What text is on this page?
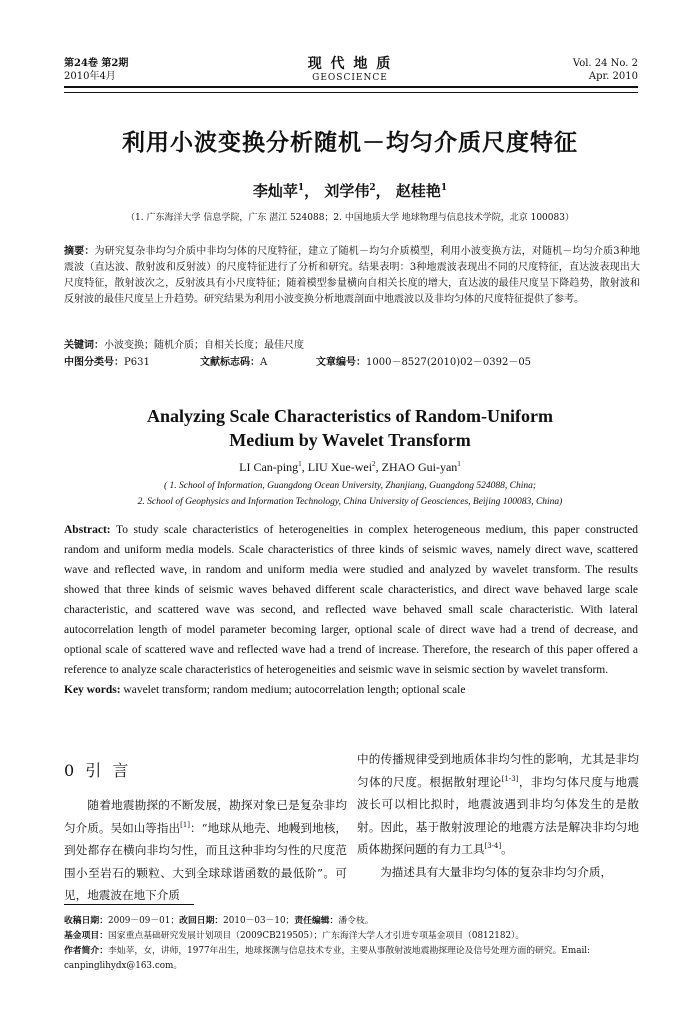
第24卷 第2期
2010年4月
现 代 地 质
GEOSCIENCE
Vol. 24 No. 2
Apr. 2010
利用小波变换分析随机－均匀介质尺度特征
李灿苹$^1$， 刘学伟$^2$， 赵桂艳$^1$
（1. 广东海洋大学 信息学院，广东 湛江 524088；2. 中国地质大学 地球物理与信息技术学院，北京 100083）
摘要：为研究复杂非均匀介质中非均匀体的尺度特征，建立了随机－均匀介质模型，利用小波变换方法，对随机－均匀介质3种地震波（直达波、散射波和反射波）的尺度特征进行了分析和研究。结果表明：3种地震波表现出不同的尺度特征，直达波表现出大尺度特征，散射波次之，反射波具有小尺度特征；随着模型参量横向自相关长度的增大，直达波的最佳尺度呈下降趋势，散射波和反射波的最佳尺度呈上升趋势。研究结果为利用小波变换分析地震剖面中地震波以及非均匀体的尺度特征提供了参考。
关键词：小波变换；随机介质；自相关长度；最佳尺度
中图分类号：P631	文献标志码：A	文章编号：1000－8527(2010)02－0392－05
Analyzing Scale Characteristics of Random-Uniform
Medium by Wavelet Transform
LI Can-ping$^1$, LIU Xue-wei$^2$, ZHAO Gui-yan$^1$
( 1. School of Information, Guangdong Ocean University, Zhanjiang, Guangdong 524088, China;
2. School of Geophysics and Information Technology, China University of Geosciences, Beijing 100083, China)
Abstract: To study scale characteristics of heterogeneities in complex heterogeneous medium, this paper constructed random and uniform media models. Scale characteristics of three kinds of seismic waves, namely direct wave, scattered wave and reflected wave, in random and uniform media were studied and analyzed by wavelet transform. The results showed that three kinds of seismic waves behaved different scale characteristics, and direct wave behaved large scale characteristic, and scattered wave was second, and reflected wave behaved small scale characteristic. With lateral autocorrelation length of model parameter becoming larger, optional scale of direct wave had a trend of decrease, and optional scale of scattered wave and reflected wave had a trend of increase. Therefore, the research of this paper offered a reference to analyze scale characteristics of heterogeneities and seismic wave in seismic section by wavelet transform.
Key words: wavelet transform; random medium; autocorrelation length; optional scale
0 引 言
随着地震勘探的不断发展，勘探对象已是复杂非均匀介质。吴如山等指出[1]：“地球从地壳、地幔到地核，到处都存在横向非均匀性，而且这种非均匀性的尺度范围小至岩石的颗粒、大到全球球谐函数的最低阶”。可见，地震波在地下介质
中的传播规律受到地质体非均匀性的影响，尤其是非均匀体的尺度。根据散射理论[1-3]，非均匀体尺度与地震波长可以相比拟时，地震波遇到非均匀体发生的是散射。因此，基于散射波理论的地震方法是解决非均匀地质体勘探问题的有力工具[3-4]。
为描述具有大量非均匀体的复杂非均匀介质，
收稿日期：2009－09－01；改回日期：2010－03－10；责任编辑：潘令枝。
基金项目：国家重点基础研究发展计划项目（2009CB219505）；广东海洋大学人才引进专项基金项目（0812182）。
作者简介：李灿苹，女，讲师，1977年出生，地球探测与信息技术专业，主要从事散射波地震勘探理论及信号处理方面的研究。Email: canpinglihydx@163.com。
